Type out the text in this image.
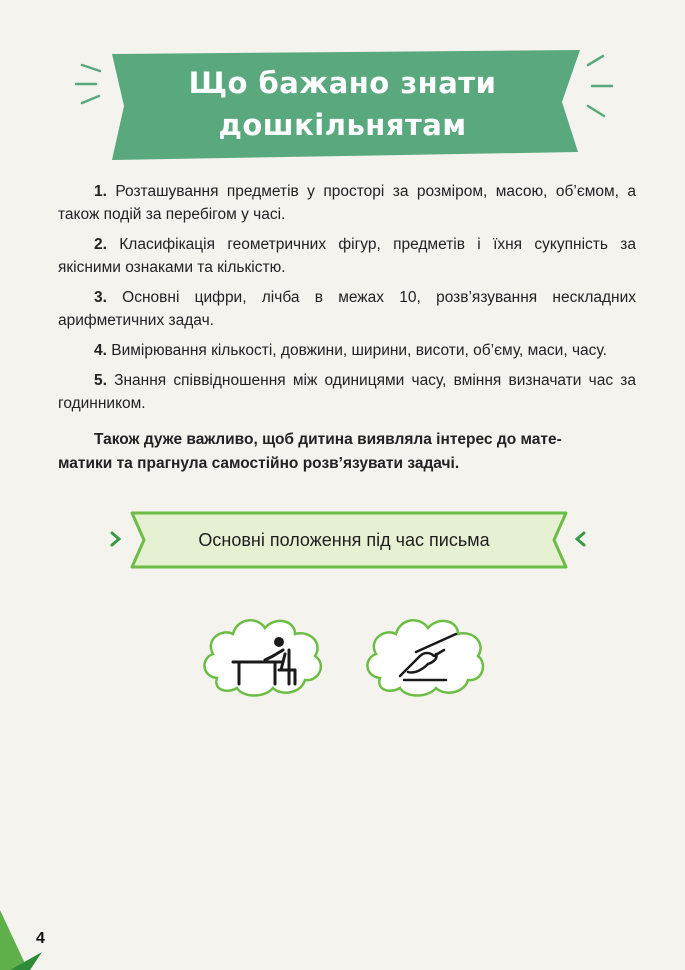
Що бажано знати
дошкільнятам
1. Розташування предметів у просторі за розміром, масою, об’ємом, а також подій за перебігом у часі.
2. Класифікація геометричних фігур, предметів і їхня сукупність за якісними ознаками та кількістю.
3. Основні цифри, лічба в межах 10, розв’язування нескладних арифметичних задач.
4. Вимірювання кількості, довжини, ширини, висоти, об’єму, маси, часу.
5. Знання співвідношення між одиницями часу, вміння визначати час за годинником.
Також дуже важливо, щоб дитина виявляла інтерес до мате-
матики та прагнула самостійно розв’язувати задачі.
Основні положення під час письма
4
